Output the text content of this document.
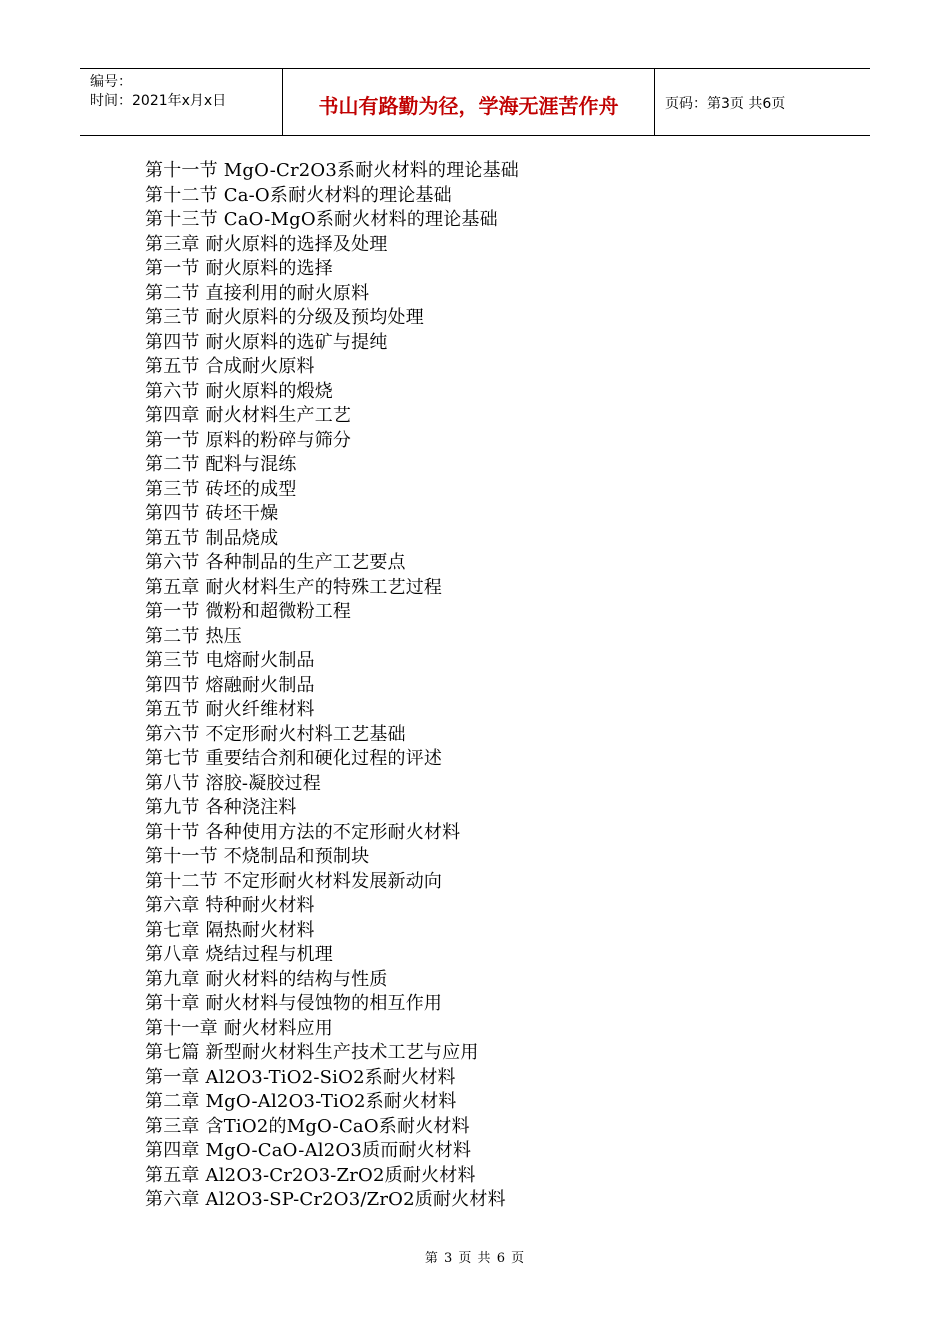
编号：
时间：2021年x月x日	书山有路勤为径，学海无涯苦作舟	页码：第3页 共6页
第十一节 MgO-Cr2O3系耐火材料的理论基础
第十二节 Ca-O系耐火材料的理论基础
第十三节 CaO-MgO系耐火材料的理论基础
第三章 耐火原料的选择及处理
第一节 耐火原料的选择
第二节 直接利用的耐火原料
第三节 耐火原料的分级及预均处理
第四节 耐火原料的选矿与提纯
第五节 合成耐火原料
第六节 耐火原料的煅烧
第四章 耐火材料生产工艺
第一节 原料的粉碎与筛分
第二节 配料与混练
第三节 砖坯的成型
第四节 砖坯干燥
第五节 制品烧成
第六节 各种制品的生产工艺要点
第五章 耐火材料生产的特殊工艺过程
第一节 微粉和超微粉工程
第二节 热压
第三节 电熔耐火制品
第四节 熔融耐火制品
第五节 耐火纤维材料
第六节 不定形耐火村料工艺基础
第七节 重要结合剂和硬化过程的评述
第八节 溶胶-凝胶过程
第九节 各种浇注料
第十节 各种使用方法的不定形耐火材料
第十一节 不烧制品和预制块
第十二节 不定形耐火材料发展新动向
第六章 特种耐火材料
第七章 隔热耐火材料
第八章 烧结过程与机理
第九章 耐火材料的结构与性质
第十章 耐火材料与侵蚀物的相互作用
第十一章 耐火材料应用
第七篇 新型耐火材料生产技术工艺与应用
第一章 Al2O3-TiO2-SiO2系耐火材料
第二章 MgO-Al2O3-TiO2系耐火材料
第三章 含TiO2的MgO-CaO系耐火材料
第四章 MgO-CaO-Al2O3质而耐火材料
第五章 Al2O3-Cr2O3-ZrO2质耐火材料
第六章 Al2O3-SP-Cr2O3/ZrO2质耐火材料
第 3 页 共 6 页
